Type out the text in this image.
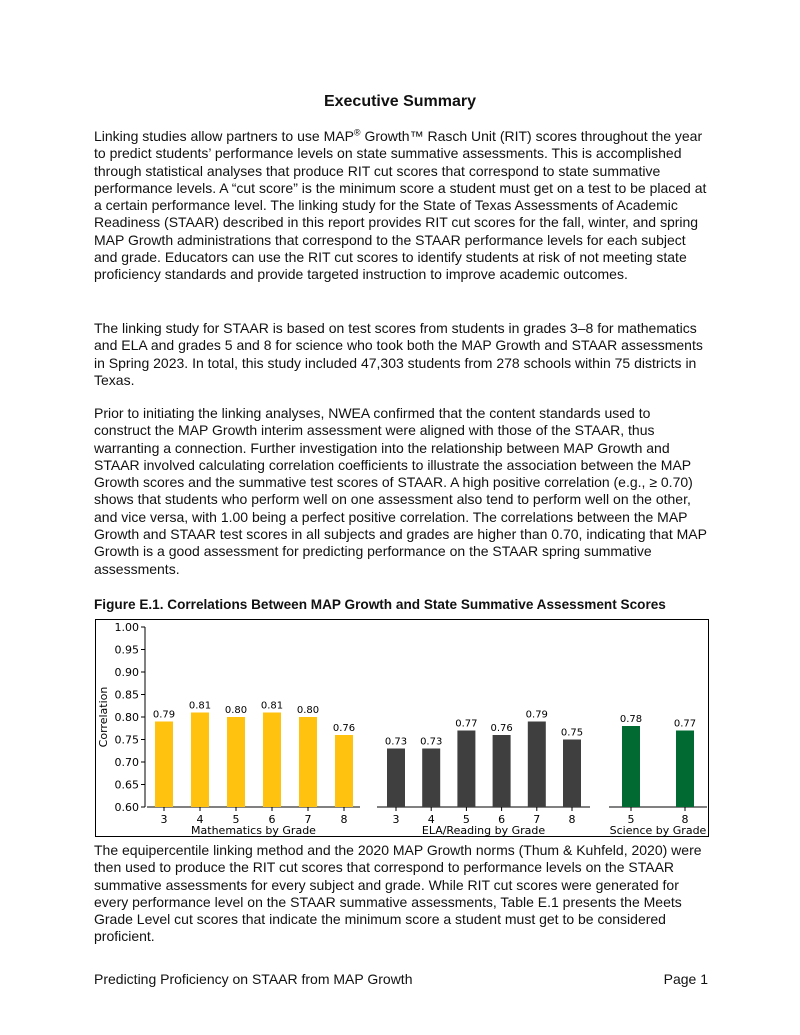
Executive Summary

Linking studies allow partners to use MAP® Growth™ Rasch Unit (RIT) scores throughout the year to predict students’ performance levels on state summative assessments. This is accomplished through statistical analyses that produce RIT cut scores that correspond to state summative performance levels. A “cut score” is the minimum score a student must get on a test to be placed at a certain performance level. The linking study for the State of Texas Assessments of Academic Readiness (STAAR) described in this report provides RIT cut scores for the fall, winter, and spring MAP Growth administrations that correspond to the STAAR performance levels for each subject and grade. Educators can use the RIT cut scores to identify students at risk of not meeting state proficiency standards and provide targeted instruction to improve academic outcomes.

The linking study for STAAR is based on test scores from students in grades 3–8 for mathematics and ELA and grades 5 and 8 for science who took both the MAP Growth and STAAR assessments in Spring 2023. In total, this study included 47,303 students from 278 schools within 75 districts in Texas.

Prior to initiating the linking analyses, NWEA confirmed that the content standards used to construct the MAP Growth interim assessment were aligned with those of the STAAR, thus warranting a connection. Further investigation into the relationship between MAP Growth and STAAR involved calculating correlation coefficients to illustrate the association between the MAP Growth scores and the summative test scores of STAAR. A high positive correlation (e.g., ≥ 0.70) shows that students who perform well on one assessment also tend to perform well on the other, and vice versa, with 1.00 being a perfect positive correlation. The correlations between the MAP Growth and STAAR test scores in all subjects and grades are higher than 0.70, indicating that MAP Growth is a good assessment for predicting performance on the STAAR spring summative assessments.

Figure E.1. Correlations Between MAP Growth and State Summative Assessment Scores
0.60
0.65
0.70
0.75
0.80
0.85
0.90
0.95
1.00
Correlation	0.79
3
0.81
4
0.80
5
0.81
6
0.80
7
0.76
8
Mathematics by Grade
0.73
3
0.73
4
0.77
5
0.76
6
0.79
7
0.75
8
ELA/Reading by Grade
0.78
5
0.77
8
Science by Grade

The equipercentile linking method and the 2020 MAP Growth norms (Thum & Kuhfeld, 2020) were then used to produce the RIT cut scores that correspond to performance levels on the STAAR summative assessments for every subject and grade. While RIT cut scores were generated for every performance level on the STAAR summative assessments, Table E.1 presents the Meets Grade Level cut scores that indicate the minimum score a student must get to be considered proficient.

Predicting Proficiency on STAAR from MAP Growth	Page 1
